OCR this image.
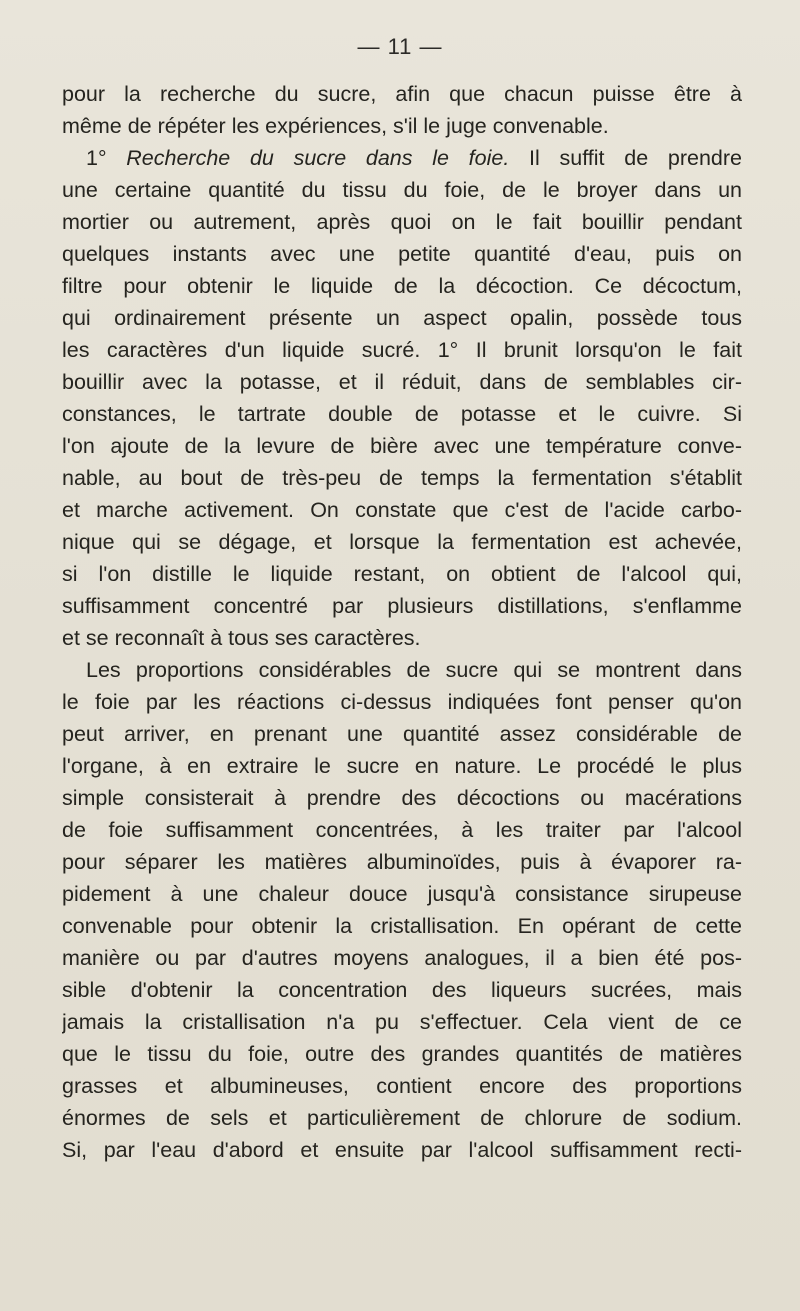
— 11 —
pour la recherche du sucre, afin que chacun puisse être à
même de répéter les expériences, s'il le juge convenable.
1° Recherche du sucre dans le foie. Il suffit de prendre
une certaine quantité du tissu du foie, de le broyer dans un
mortier ou autrement, après quoi on le fait bouillir pendant
quelques instants avec une petite quantité d'eau, puis on
filtre pour obtenir le liquide de la décoction. Ce décoctum,
qui ordinairement présente un aspect opalin, possède tous
les caractères d'un liquide sucré. 1° Il brunit lorsqu'on le fait
bouillir avec la potasse, et il réduit, dans de semblables cir-
constances, le tartrate double de potasse et le cuivre. Si
l'on ajoute de la levure de bière avec une température conve-
nable, au bout de très-peu de temps la fermentation s'établit
et marche activement. On constate que c'est de l'acide carbo-
nique qui se dégage, et lorsque la fermentation est achevée,
si l'on distille le liquide restant, on obtient de l'alcool qui,
suffisamment concentré par plusieurs distillations, s'enflamme
et se reconnaît à tous ses caractères.
Les proportions considérables de sucre qui se montrent dans
le foie par les réactions ci-dessus indiquées font penser qu'on
peut arriver, en prenant une quantité assez considérable de
l'organe, à en extraire le sucre en nature. Le procédé le plus
simple consisterait à prendre des décoctions ou macérations
de foie suffisamment concentrées, à les traiter par l'alcool
pour séparer les matières albuminoïdes, puis à évaporer ra-
pidement à une chaleur douce jusqu'à consistance sirupeuse
convenable pour obtenir la cristallisation. En opérant de cette
manière ou par d'autres moyens analogues, il a bien été pos-
sible d'obtenir la concentration des liqueurs sucrées, mais
jamais la cristallisation n'a pu s'effectuer. Cela vient de ce
que le tissu du foie, outre des grandes quantités de matières
grasses et albumineuses, contient encore des proportions
énormes de sels et particulièrement de chlorure de sodium.
Si, par l'eau d'abord et ensuite par l'alcool suffisamment recti-
